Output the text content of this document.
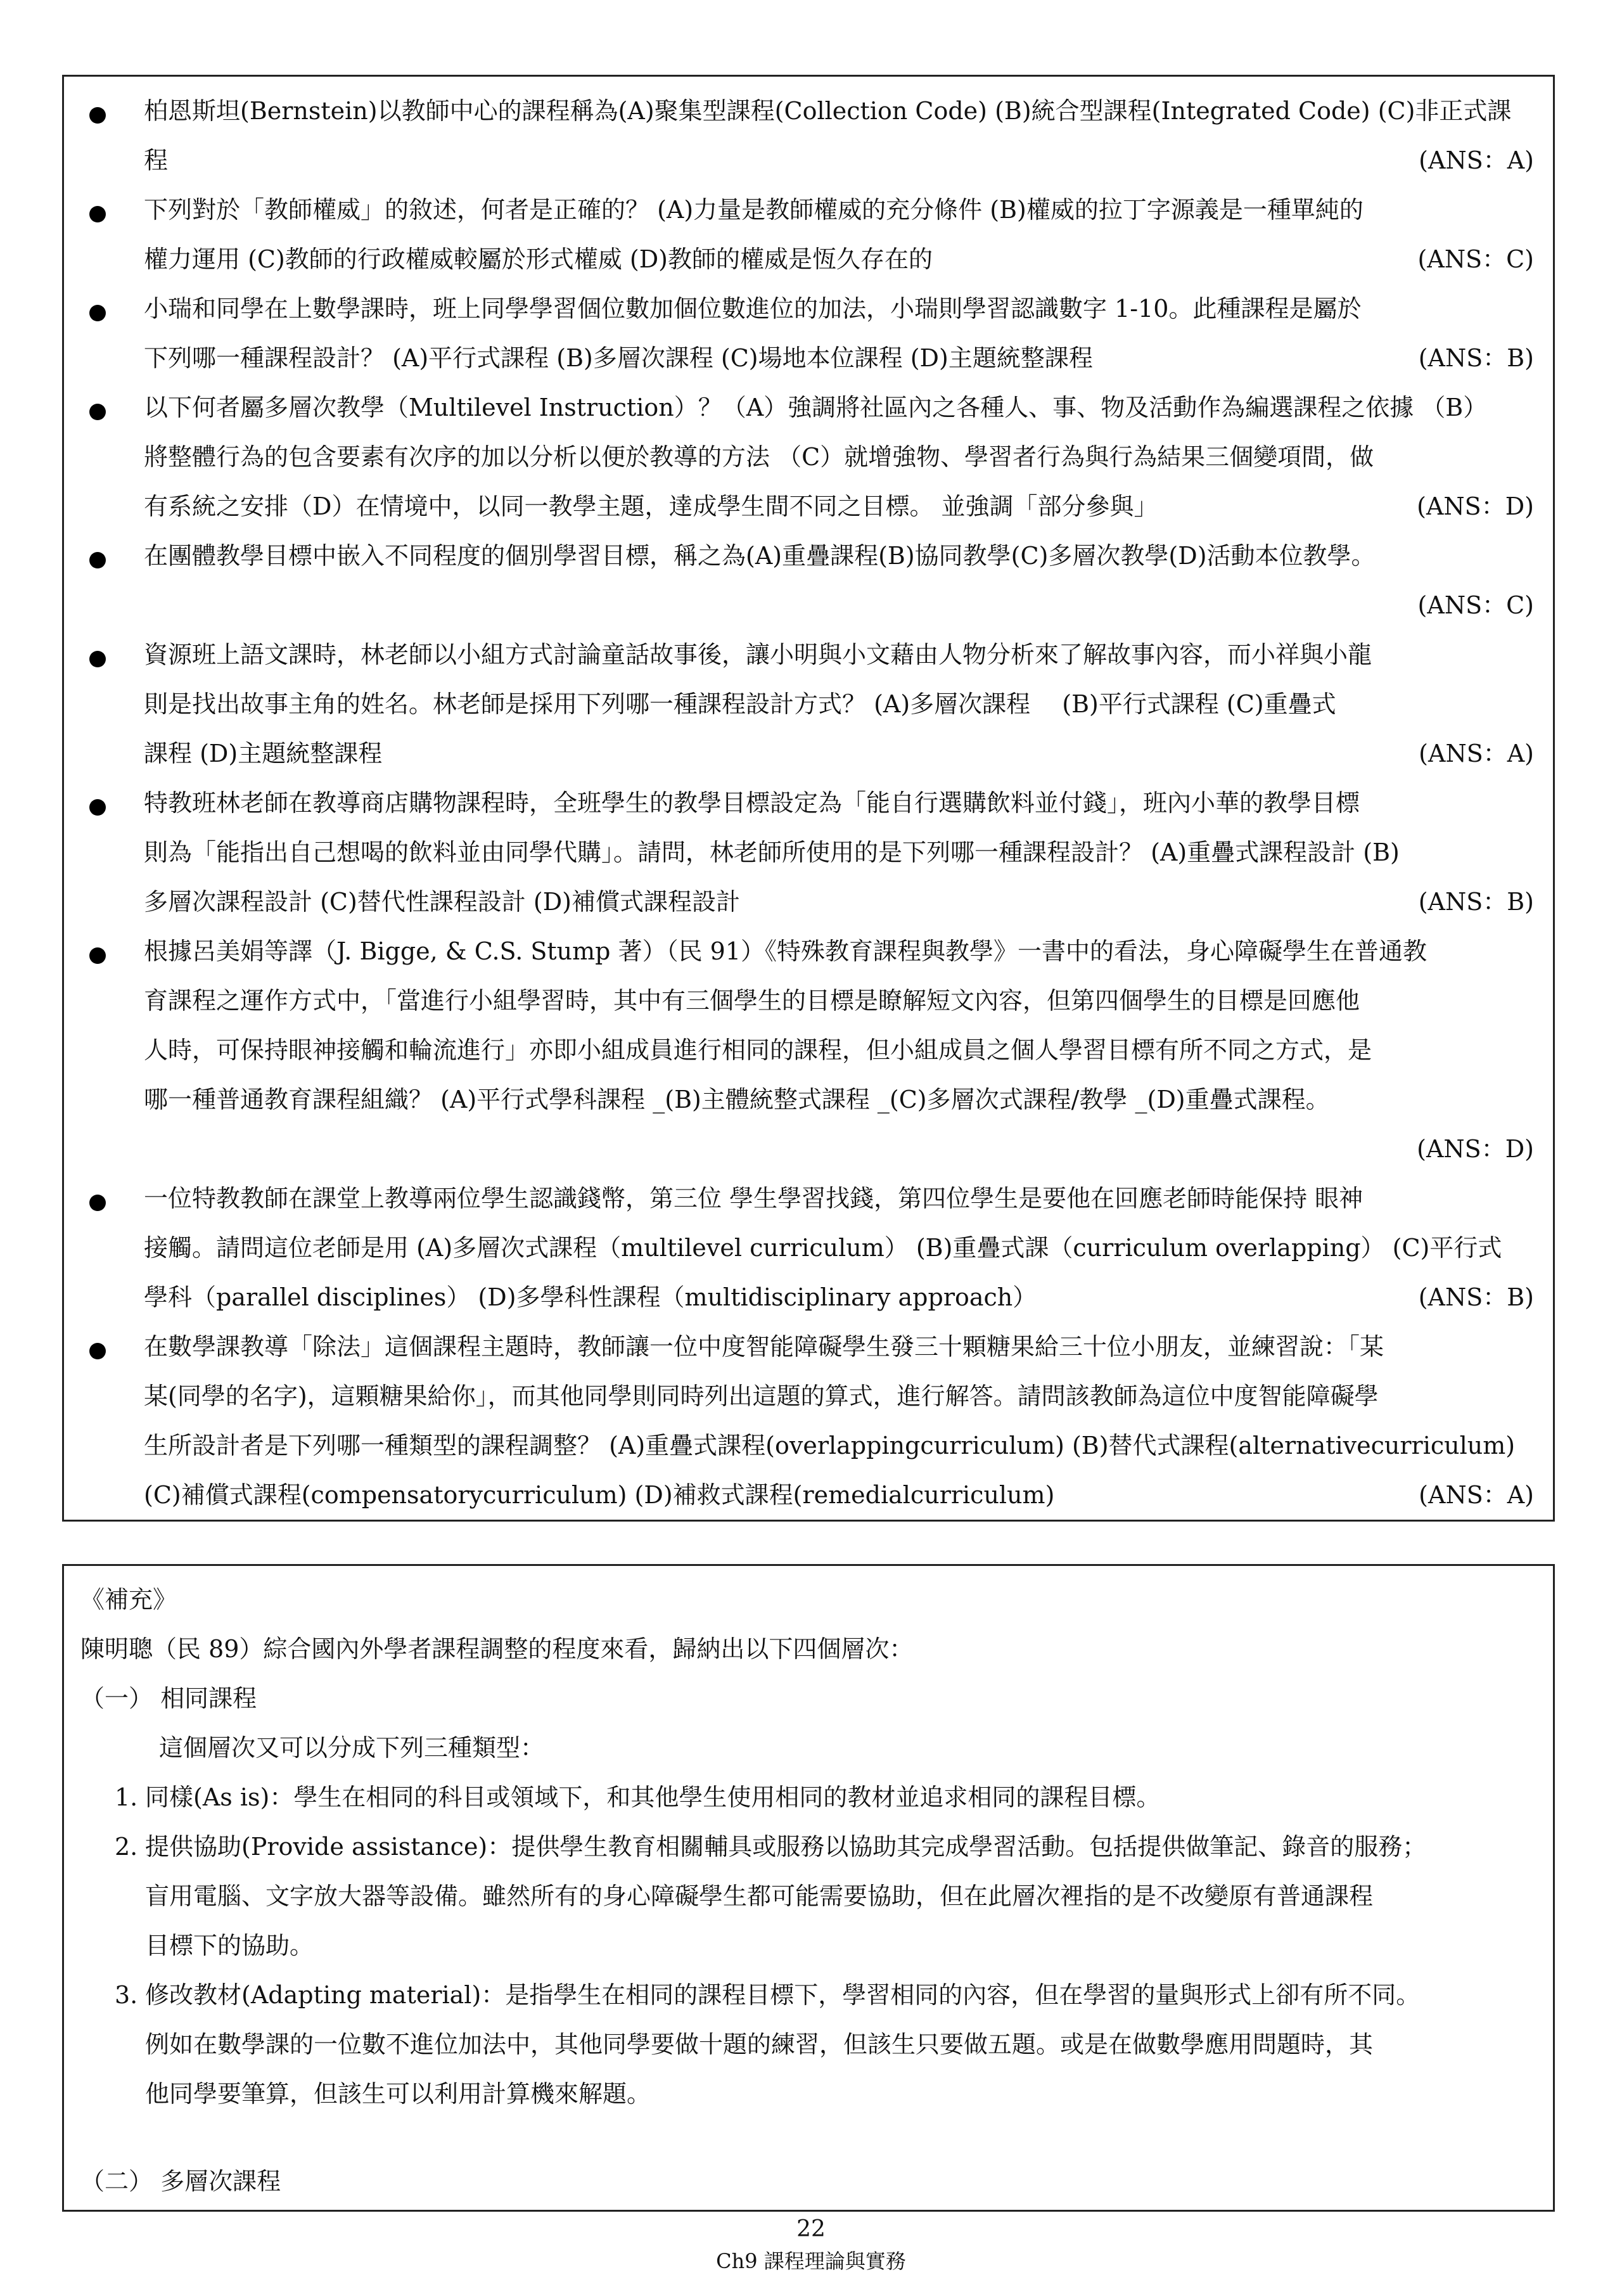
柏恩斯坦(Bernstein)以教師中心的課程稱為(A)聚集型課程(Collection Code) (B)統合型課程(Integrated Code) (C)非正式課
程	(ANS：A)
下列對於「教師權威」的敘述，何者是正確的？ (A)力量是教師權威的充分條件 (B)權威的拉丁字源義是一種單純的
權力運用 (C)教師的行政權威較屬於形式權威 (D)教師的權威是恆久存在的	(ANS：C)
小瑞和同學在上數學課時，班上同學學習個位數加個位數進位的加法，小瑞則學習認識數字 1-10。此種課程是屬於
下列哪一種課程設計？ (A)平行式課程 (B)多層次課程 (C)場地本位課程 (D)主題統整課程	(ANS：B)
以下何者屬多層次教學（Multilevel Instruction）？（A）強調將社區內之各種人、事、物及活動作為編選課程之依據 （B）
將整體行為的包含要素有次序的加以分析以便於教導的方法 （C）就增強物、學習者行為與行為結果三個變項間，做
有系統之安排（D）在情境中，以同一教學主題，達成學生間不同之目標。 並強調「部分參與」	(ANS：D)
在團體教學目標中嵌入不同程度的個別學習目標，稱之為(A)重疊課程(B)協同教學(C)多層次教學(D)活動本位教學。
(ANS：C)
資源班上語文課時，林老師以小組方式討論童話故事後，讓小明與小文藉由人物分析來了解故事內容，而小祥與小龍
則是找出故事主角的姓名。林老師是採用下列哪一種課程設計方式？ (A)多層次課程　 (B)平行式課程 (C)重疊式
課程 (D)主題統整課程	(ANS：A)
特教班林老師在教導商店購物課程時，全班學生的教學目標設定為「能自行選購飲料並付錢」，班內小華的教學目標
則為「能指出自己想喝的飲料並由同學代購」。請問，林老師所使用的是下列哪一種課程設計？ (A)重疊式課程設計 (B)
多層次課程設計 (C)替代性課程設計 (D)補償式課程設計	(ANS：B)
根據呂美娟等譯（J. Bigge, & C.S. Stump 著）（民 91）《特殊教育課程與教學》一書中的看法，身心障礙學生在普通教
育課程之運作方式中，「當進行小組學習時，其中有三個學生的目標是瞭解短文內容，但第四個學生的目標是回應他
人時，可保持眼神接觸和輪流進行」亦即小組成員進行相同的課程，但小組成員之個人學習目標有所不同之方式，是
哪一種普通教育課程組織？ (A)平行式學科課程 _(B)主體統整式課程 _(C)多層次式課程/教學 _(D)重疊式課程。
(ANS：D)
一位特教教師在課堂上教導兩位學生認識錢幣，第三位 學生學習找錢，第四位學生是要他在回應老師時能保持 眼神
接觸。請問這位老師是用 (A)多層次式課程（multilevel curriculum） (B)重疊式課（curriculum overlapping） (C)平行式
學科（parallel disciplines） (D)多學科性課程（multidisciplinary approach）	(ANS：B)
在數學課教導「除法」這個課程主題時，教師讓一位中度智能障礙學生發三十顆糖果給三十位小朋友，並練習說：「某
某(同學的名字)，這顆糖果給你」，而其他同學則同時列出這題的算式，進行解答。請問該教師為這位中度智能障礙學
生所設計者是下列哪一種類型的課程調整？ (A)重疊式課程(overlappingcurriculum) (B)替代式課程(alternativecurriculum)
(C)補償式課程(compensatorycurriculum) (D)補救式課程(remedialcurriculum)	(ANS：A)
《補充》
陳明聰（民 89）綜合國內外學者課程調整的程度來看，歸納出以下四個層次：
（一） 相同課程
這個層次又可以分成下列三種類型：
1. 同樣(As is)：學生在相同的科目或領域下，和其他學生使用相同的教材並追求相同的課程目標。
2. 提供協助(Provide assistance)：提供學生教育相關輔具或服務以協助其完成學習活動。包括提供做筆記、錄音的服務；
盲用電腦、文字放大器等設備。雖然所有的身心障礙學生都可能需要協助，但在此層次裡指的是不改變原有普通課程
目標下的協助。
3. 修改教材(Adapting material)：是指學生在相同的課程目標下，學習相同的內容，但在學習的量與形式上卻有所不同。
例如在數學課的一位數不進位加法中，其他同學要做十題的練習，但該生只要做五題。或是在做數學應用問題時，其
他同學要筆算，但該生可以利用計算機來解題。
（二） 多層次課程
22
Ch9 課程理論與實務
